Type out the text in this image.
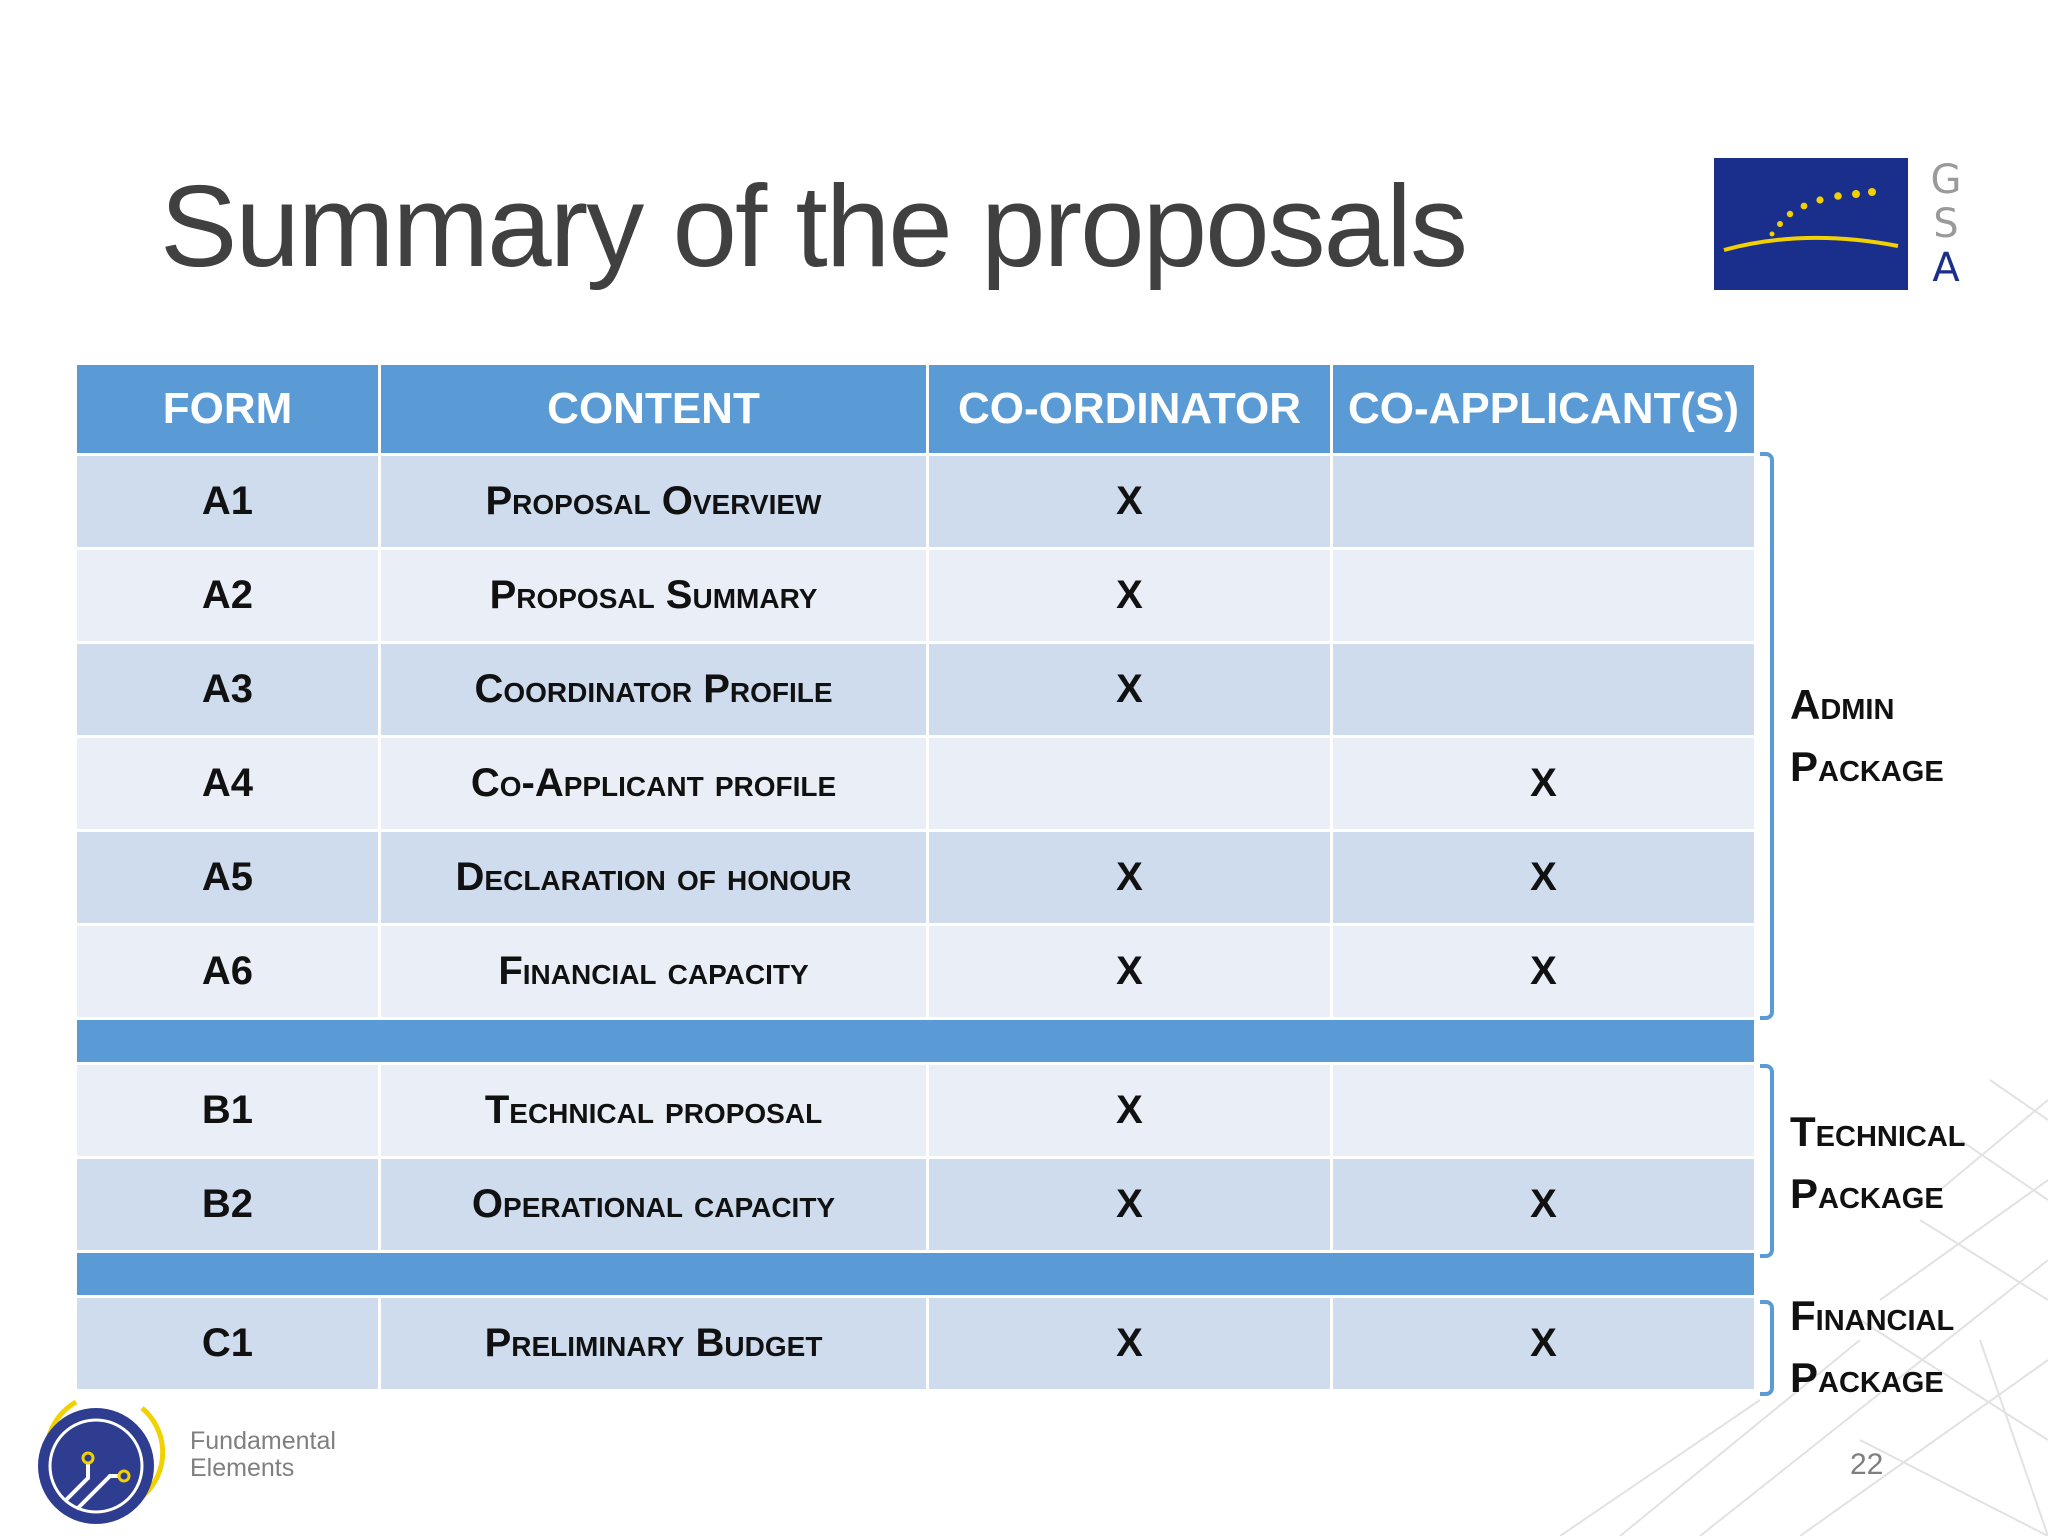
Summary of the proposals	G
S
A
FORM	CONTENT	CO-ORDINATOR	CO-APPLICANT(S)
A1	Proposal Overview	X	
A2	Proposal Summary	X	
A3	Coordinator Profile	X	
A4	Co-Applicant profile		X
A5	Declaration of honour	X	X
A6	Financial capacity	X	X

B1	Technical proposal	X	
B2	Operational capacity	X	X

C1	Preliminary Budget	X	X
Admin
Package
Technical
Package
Financial
Package
Fundamental
Elements	22
